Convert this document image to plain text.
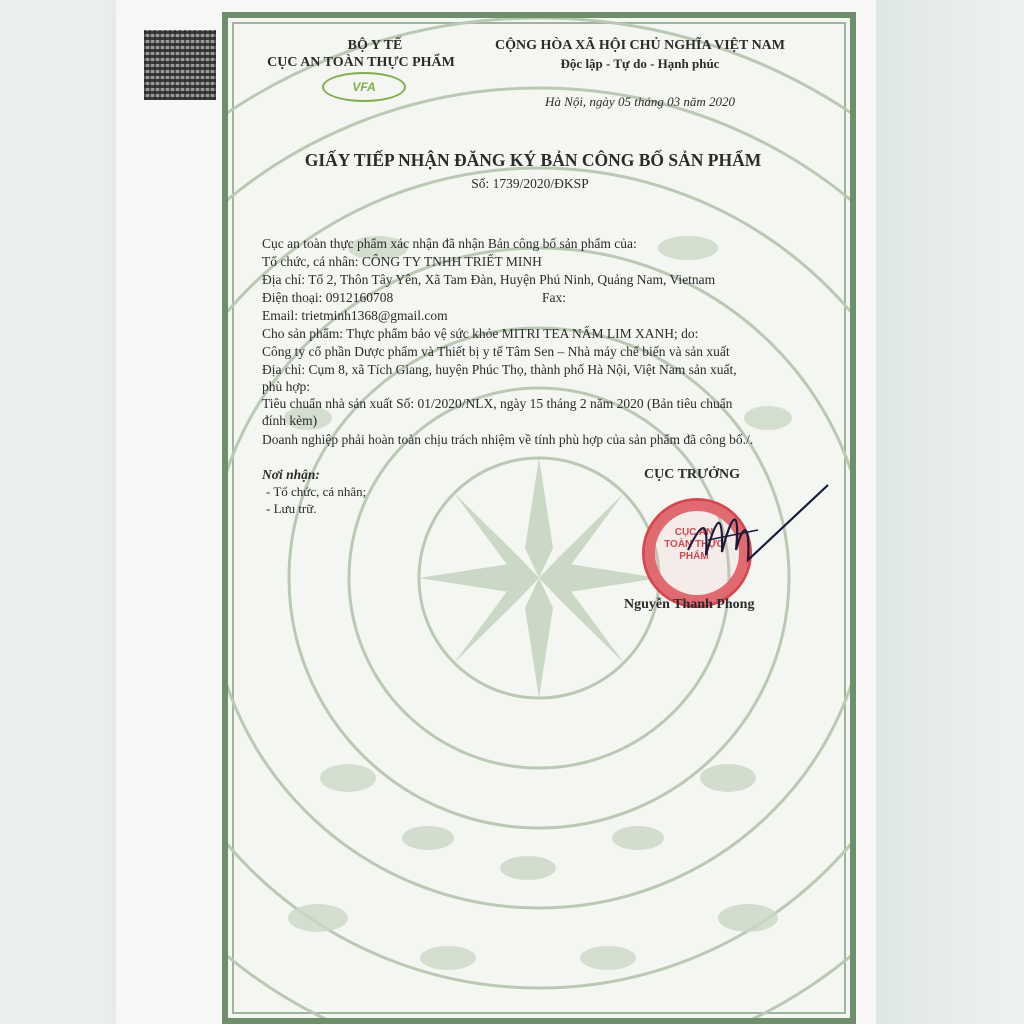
BỘ Y TẾ
CỤC AN TOÀN THỰC PHẨM
VFA
CỘNG HÒA XÃ HỘI CHỦ NGHĨA VIỆT NAM
Độc lập - Tự do - Hạnh phúc
Hà Nội, ngày 05 tháng 03 năm 2020
GIẤY TIẾP NHẬN ĐĂNG KÝ BẢN CÔNG BỐ SẢN PHẨM
Số: 1739/2020/ĐKSP
Cục an toàn thực phẩm xác nhận đã nhận Bản công bố sản phẩm của:
Tổ chức, cá nhân: CÔNG TY TNHH TRIẾT MINH
Địa chỉ: Tổ 2, Thôn Tây Yên, Xã Tam Đàn, Huyện Phú Ninh, Quảng Nam, Vietnam
Điện thoại: 0912160708	Fax:
Email: trietminh1368@gmail.com
Cho sản phẩm: Thực phẩm bảo vệ sức khỏe MITRI TEA NẤM LIM XANH; do:
Công ty cổ phần Dược phẩm và Thiết bị y tế Tâm Sen – Nhà máy chế biến và sản xuất
Địa chỉ: Cụm 8, xã Tích Giang, huyện Phúc Thọ, thành phố Hà Nội, Việt Nam sản xuất,
phù hợp:
Tiêu chuẩn nhà sản xuất Số: 01/2020/NLX, ngày 15 tháng 2 năm 2020 (Bản tiêu chuẩn
đính kèm)
Doanh nghiệp phải hoàn toàn chịu trách nhiệm về tính phù hợp của sản phẩm đã công bố./.
Nơi nhận:
- Tổ chức, cá nhân;
- Lưu trữ.
CỤC TRƯỞNG
CỤC AN TOÀN THỰC PHẨM
Nguyễn Thanh Phong
